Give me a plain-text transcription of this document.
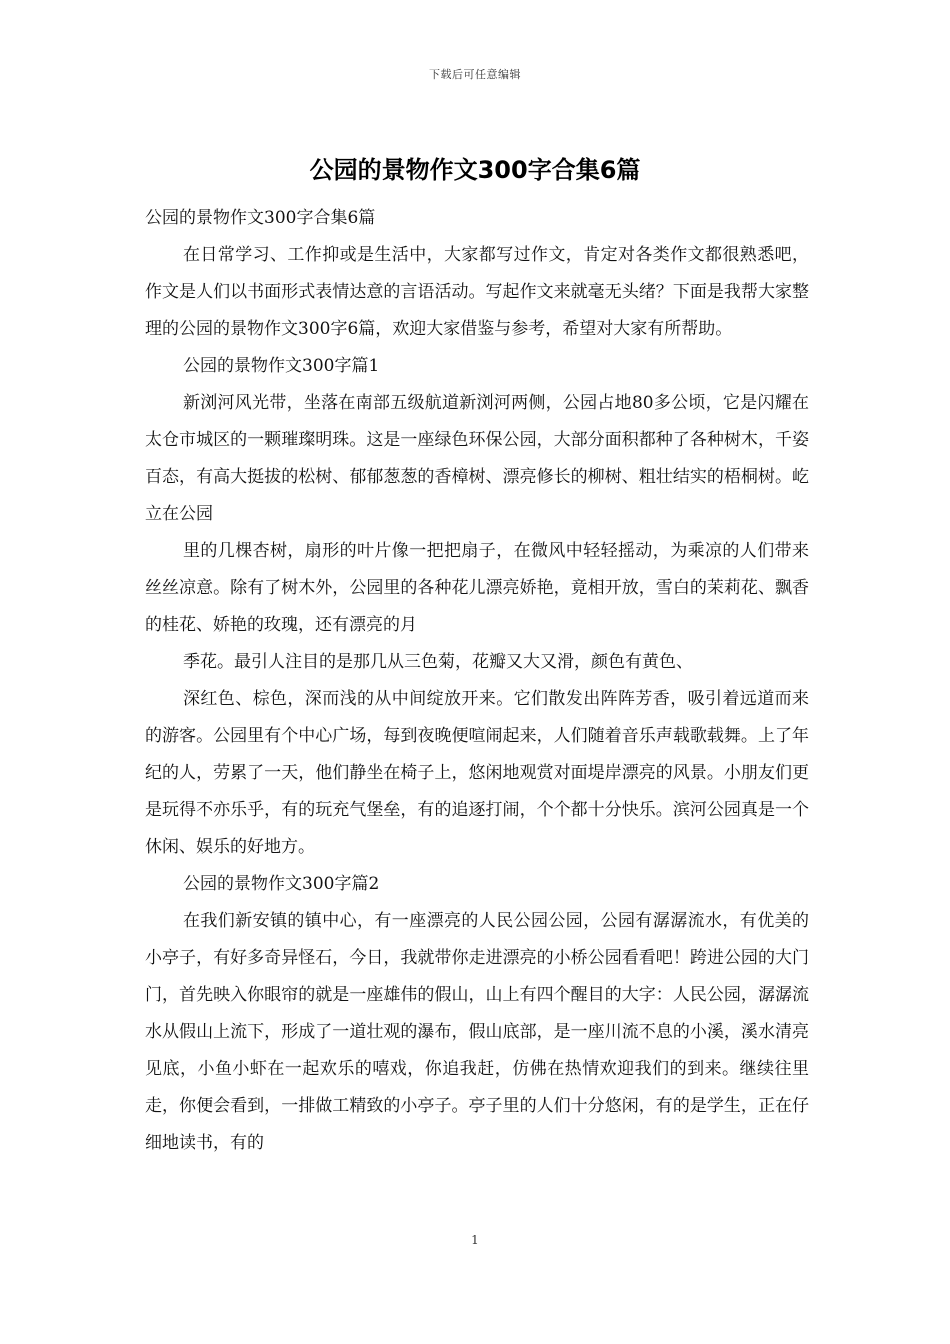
下载后可任意编辑
公园的景物作文300字合集6篇

公园的景物作文300字合集6篇

在日常学习、工作抑或是生活中，大家都写过作文，肯定对各类作文都很熟悉吧，作文是人们以书面形式表情达意的言语活动。写起作文来就毫无头绪？下面是我帮大家整理的公园的景物作文300字6篇，欢迎大家借鉴与参考，希望对大家有所帮助。

公园的景物作文300字篇1

新浏河风光带，坐落在南部五级航道新浏河两侧，公园占地80多公顷，它是闪耀在太仓市城区的一颗璀璨明珠。这是一座绿色环保公园，大部分面积都种了各种树木，千姿百态，有高大挺拔的松树、郁郁葱葱的香樟树、漂亮修长的柳树、粗壮结实的梧桐树。屹立在公园

里的几棵杏树，扇形的叶片像一把把扇子，在微风中轻轻摇动，为乘凉的人们带来丝丝凉意。除有了树木外，公园里的各种花儿漂亮娇艳，竟相开放，雪白的茉莉花、飘香的桂花、娇艳的玫瑰，还有漂亮的月

季花。最引人注目的是那几从三色菊，花瓣又大又滑，颜色有黄色、

深红色、棕色，深而浅的从中间绽放开来。它们散发出阵阵芳香，吸引着远道而来的游客。公园里有个中心广场，每到夜晚便喧闹起来，人们随着音乐声载歌载舞。上了年纪的人，劳累了一天，他们静坐在椅子上，悠闲地观赏对面堤岸漂亮的风景。小朋友们更是玩得不亦乐乎，有的玩充气堡垒，有的追逐打闹，个个都十分快乐。滨河公园真是一个休闲、娱乐的好地方。

公园的景物作文300字篇2

在我们新安镇的镇中心，有一座漂亮的人民公园公园，公园有潺潺流水，有优美的小亭子，有好多奇异怪石，今日，我就带你走进漂亮的小桥公园看看吧！跨进公园的大门门，首先映入你眼帘的就是一座雄伟的假山，山上有四个醒目的大字：人民公园，潺潺流水从假山上流下，形成了一道壮观的瀑布，假山底部，是一座川流不息的小溪，溪水清亮见底，小鱼小虾在一起欢乐的嘻戏，你追我赶，仿佛在热情欢迎我们的到来。继续往里走，你便会看到，一排做工精致的小亭子。亭子里的人们十分悠闲，有的是学生，正在仔细地读书，有的

1
